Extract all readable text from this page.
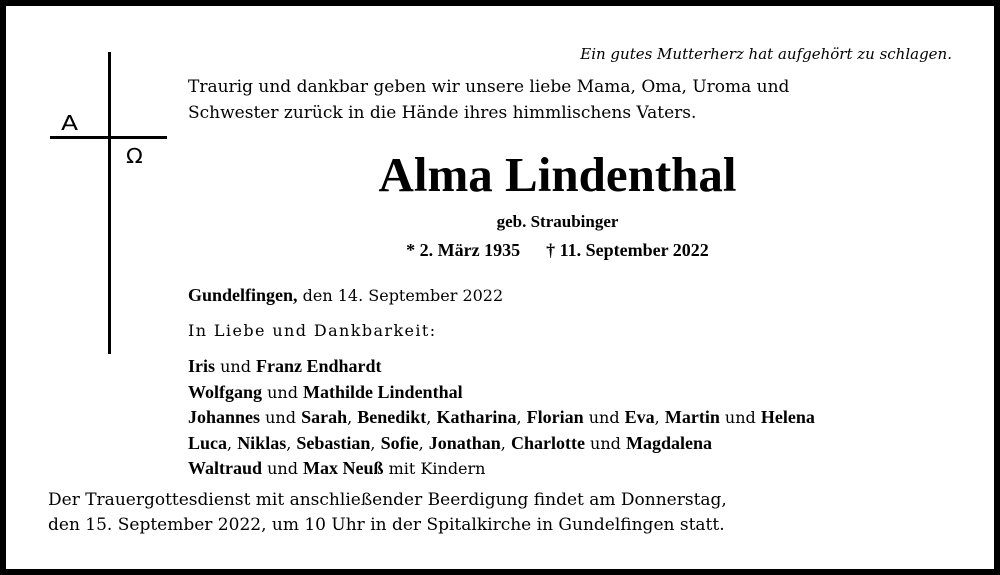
Ein gutes Mutterherz hat aufgehört zu schlagen.
A
Ω
Traurig und dankbar geben wir unsere liebe Mama, Oma, Uroma und
Schwester zurück in die Hände ihres himmlischens Vaters.
Alma Lindenthal
geb. Straubinger
* 2. März 1935 † 11. September 2022
Gundelfingen, den 14. September 2022
In Liebe und Dankbarkeit:
Iris und Franz Endhardt
Wolfgang und Mathilde Lindenthal
Johannes und Sarah, Benedikt, Katharina, Florian und Eva, Martin und Helena
Luca, Niklas, Sebastian, Sofie, Jonathan, Charlotte und Magdalena
Waltraud und Max Neuß mit Kindern
Der Trauergottesdienst mit anschließender Beerdigung findet am Donnerstag,
den 15. September 2022, um 10 Uhr in der Spitalkirche in Gundelfingen statt.
